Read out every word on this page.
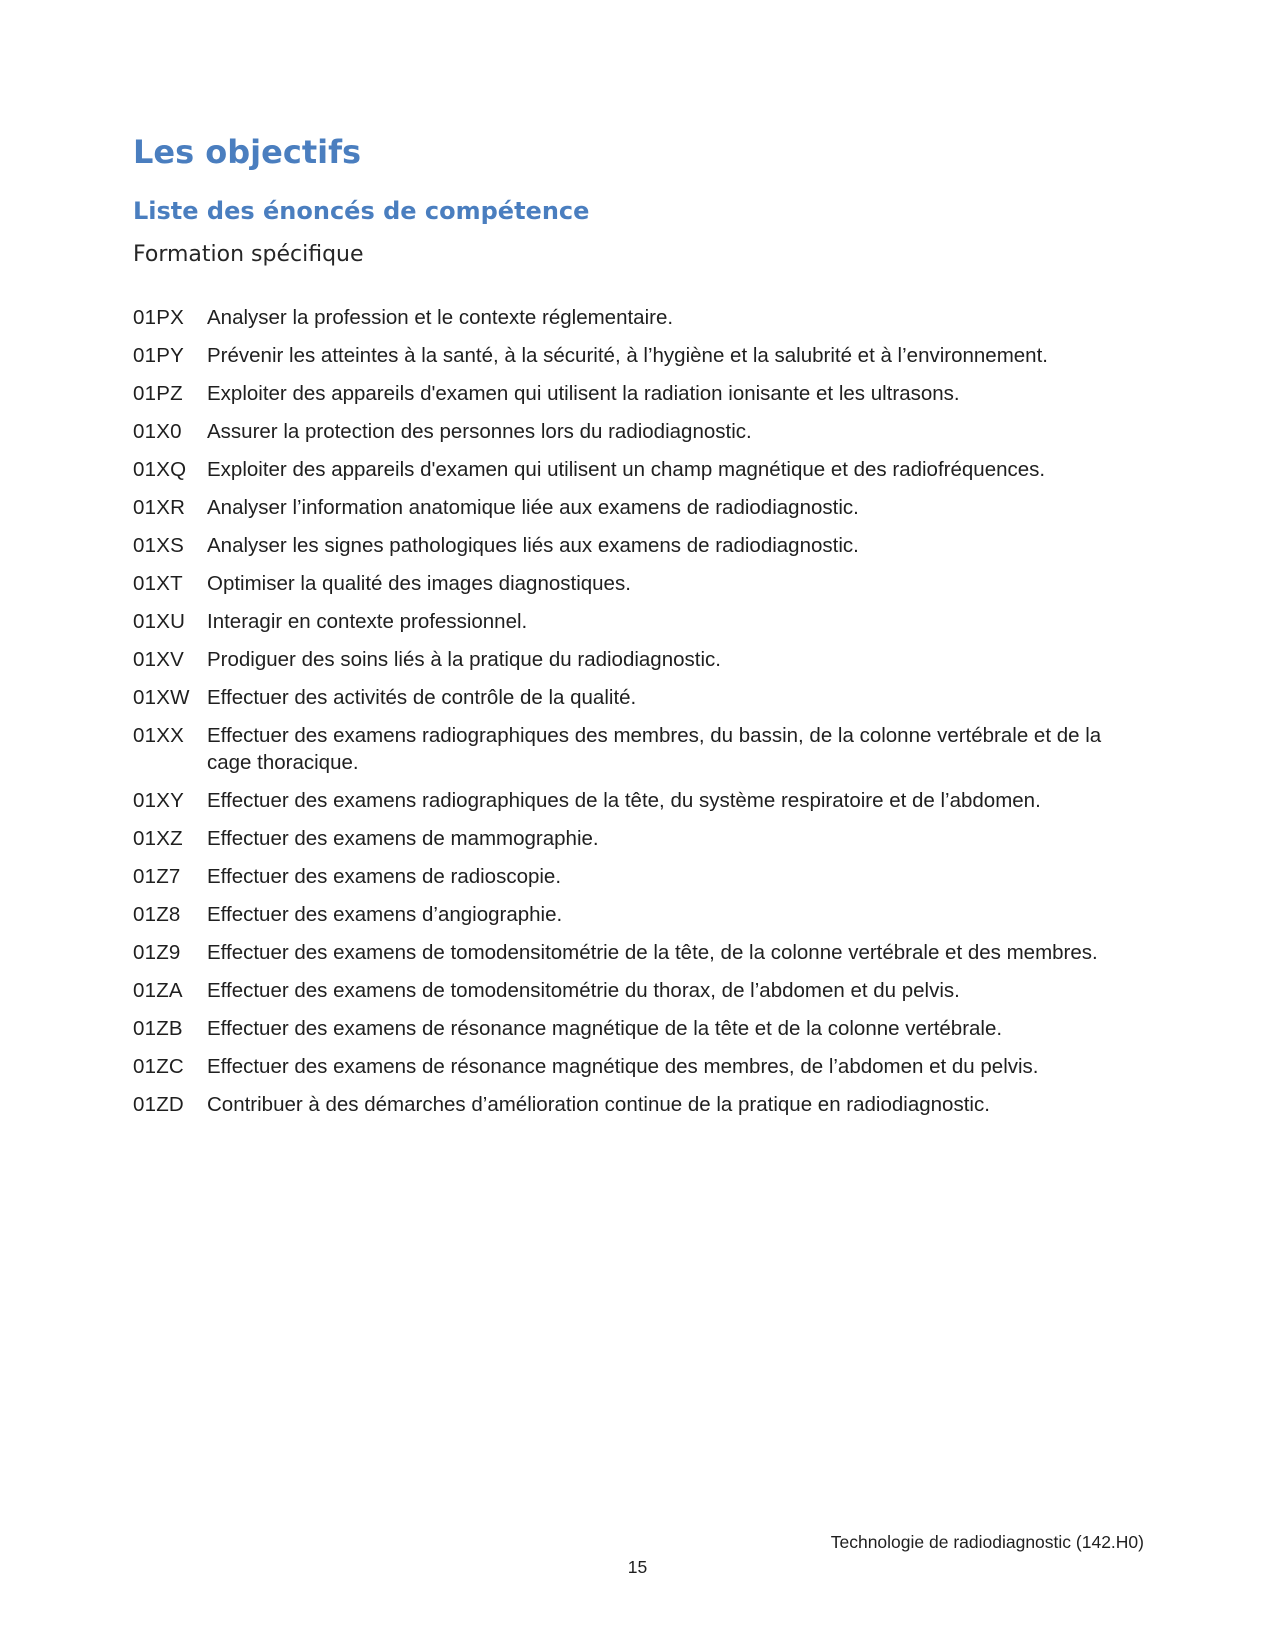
Les objectifs
Liste des énoncés de compétence
Formation spécifique
01PX	Analyser la profession et le contexte réglementaire.
01PY	Prévenir les atteintes à la santé, à la sécurité, à l’hygiène et la salubrité et à l’environnement.
01PZ	Exploiter des appareils d'examen qui utilisent la radiation ionisante et les ultrasons.
01X0	Assurer la protection des personnes lors du radiodiagnostic.
01XQ	Exploiter des appareils d'examen qui utilisent un champ magnétique et des radiofréquences.
01XR	Analyser l’information anatomique liée aux examens de radiodiagnostic.
01XS	Analyser les signes pathologiques liés aux examens de radiodiagnostic.
01XT	Optimiser la qualité des images diagnostiques.
01XU	Interagir en contexte professionnel.
01XV	Prodiguer des soins liés à la pratique du radiodiagnostic.
01XW Effectuer des activités de contrôle de la qualité.
01XX	Effectuer des examens radiographiques des membres, du bassin, de la colonne vertébrale et de la cage thoracique.
01XY	Effectuer des examens radiographiques de la tête, du système respiratoire et de l’abdomen.
01XZ	Effectuer des examens de mammographie.
01Z7	Effectuer des examens de radioscopie.
01Z8	Effectuer des examens d’angiographie.
01Z9	Effectuer des examens de tomodensitométrie de la tête, de la colonne vertébrale et des membres.
01ZA	Effectuer des examens de tomodensitométrie du thorax, de l’abdomen et du pelvis.
01ZB	Effectuer des examens de résonance magnétique de la tête et de la colonne vertébrale.
01ZC	Effectuer des examens de résonance magnétique des membres, de l’abdomen et du pelvis.
01ZD	Contribuer à des démarches d’amélioration continue de la pratique en radiodiagnostic.
Technologie de radiodiagnostic (142.H0)
15
